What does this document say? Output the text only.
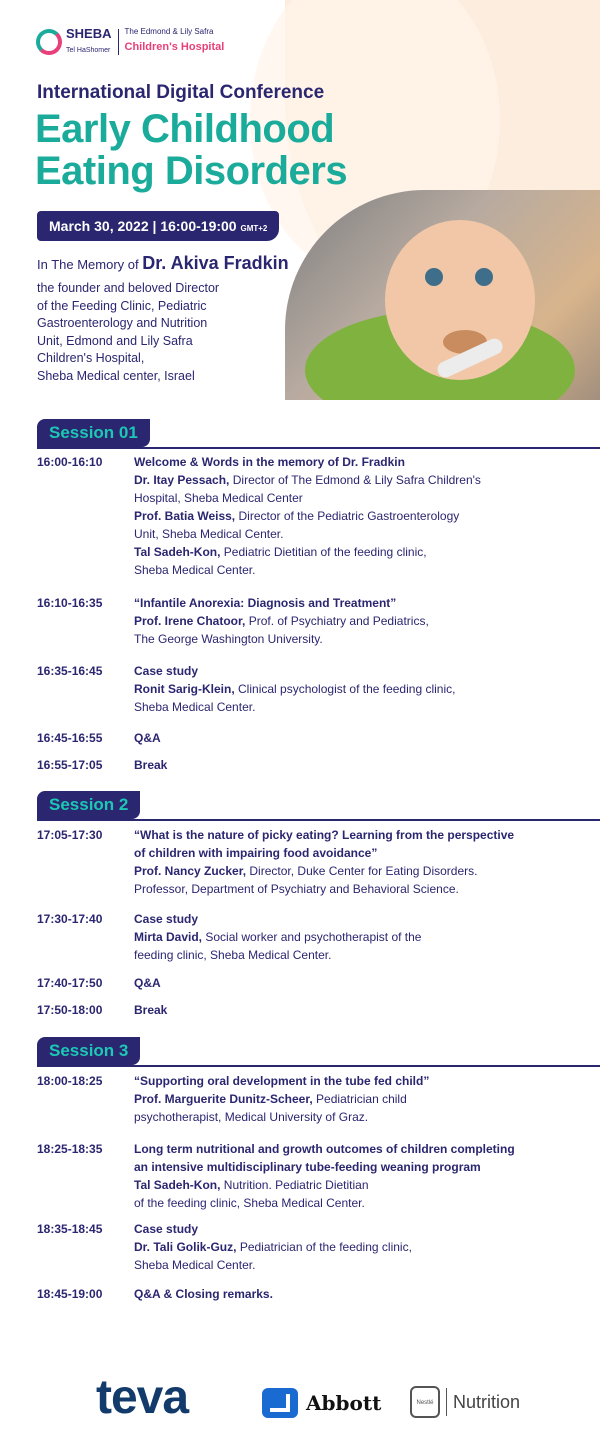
SHEBA
Tel HaShomer
The Edmond & Lily Safra
Children's Hospital
International Digital Conference
Early Childhood
Eating Disorders
March 30, 2022 | 16:00-19:00 GMT+2
In The Memory of Dr. Akiva Fradkin
the founder and beloved Director
of the Feeding Clinic, Pediatric
Gastroenterology and Nutrition
Unit, Edmond and Lily Safra
Children's Hospital,
Sheba Medical center, Israel
Session 01
16:00-16:10	Welcome & Words in the memory of Dr. Fradkin
Dr. Itay Pessach, Director of The Edmond & Lily Safra Children's
Hospital, Sheba Medical Center
Prof. Batia Weiss, Director of the Pediatric Gastroenterology
Unit, Sheba Medical Center.
Tal Sadeh-Kon, Pediatric Dietitian of the feeding clinic,
Sheba Medical Center.
16:10-16:35	“Infantile Anorexia: Diagnosis and Treatment”
Prof. Irene Chatoor, Prof. of Psychiatry and Pediatrics,
The George Washington University.
16:35-16:45	Case study
Ronit Sarig-Klein, Clinical psychologist of the feeding clinic,
Sheba Medical Center.
16:45-16:55	Q&A
16:55-17:05	Break
Session 2
17:05-17:30	“What is the nature of picky eating? Learning from the perspective
of children with impairing food avoidance”
Prof. Nancy Zucker, Director, Duke Center for Eating Disorders.
Professor, Department of Psychiatry and Behavioral Science.
17:30-17:40	Case study
Mirta David, Social worker and psychotherapist of the
feeding clinic, Sheba Medical Center.
17:40-17:50	Q&A
17:50-18:00	Break
Session 3
18:00-18:25	“Supporting oral development in the tube fed child”
Prof. Marguerite Dunitz-Scheer, Pediatrician child
psychotherapist, Medical University of Graz.
18:25-18:35	Long term nutritional and growth outcomes of children completing
an intensive multidisciplinary tube-feeding weaning program
Tal Sadeh-Kon, Nutrition. Pediatric Dietitian
of the feeding clinic, Sheba Medical Center.
18:35-18:45	Case study
Dr. Tali Golik-Guz, Pediatrician of the feeding clinic,
Sheba Medical Center.
18:45-19:00	Q&A & Closing remarks.
teva	Abbott	Nestlé	Nutrition
